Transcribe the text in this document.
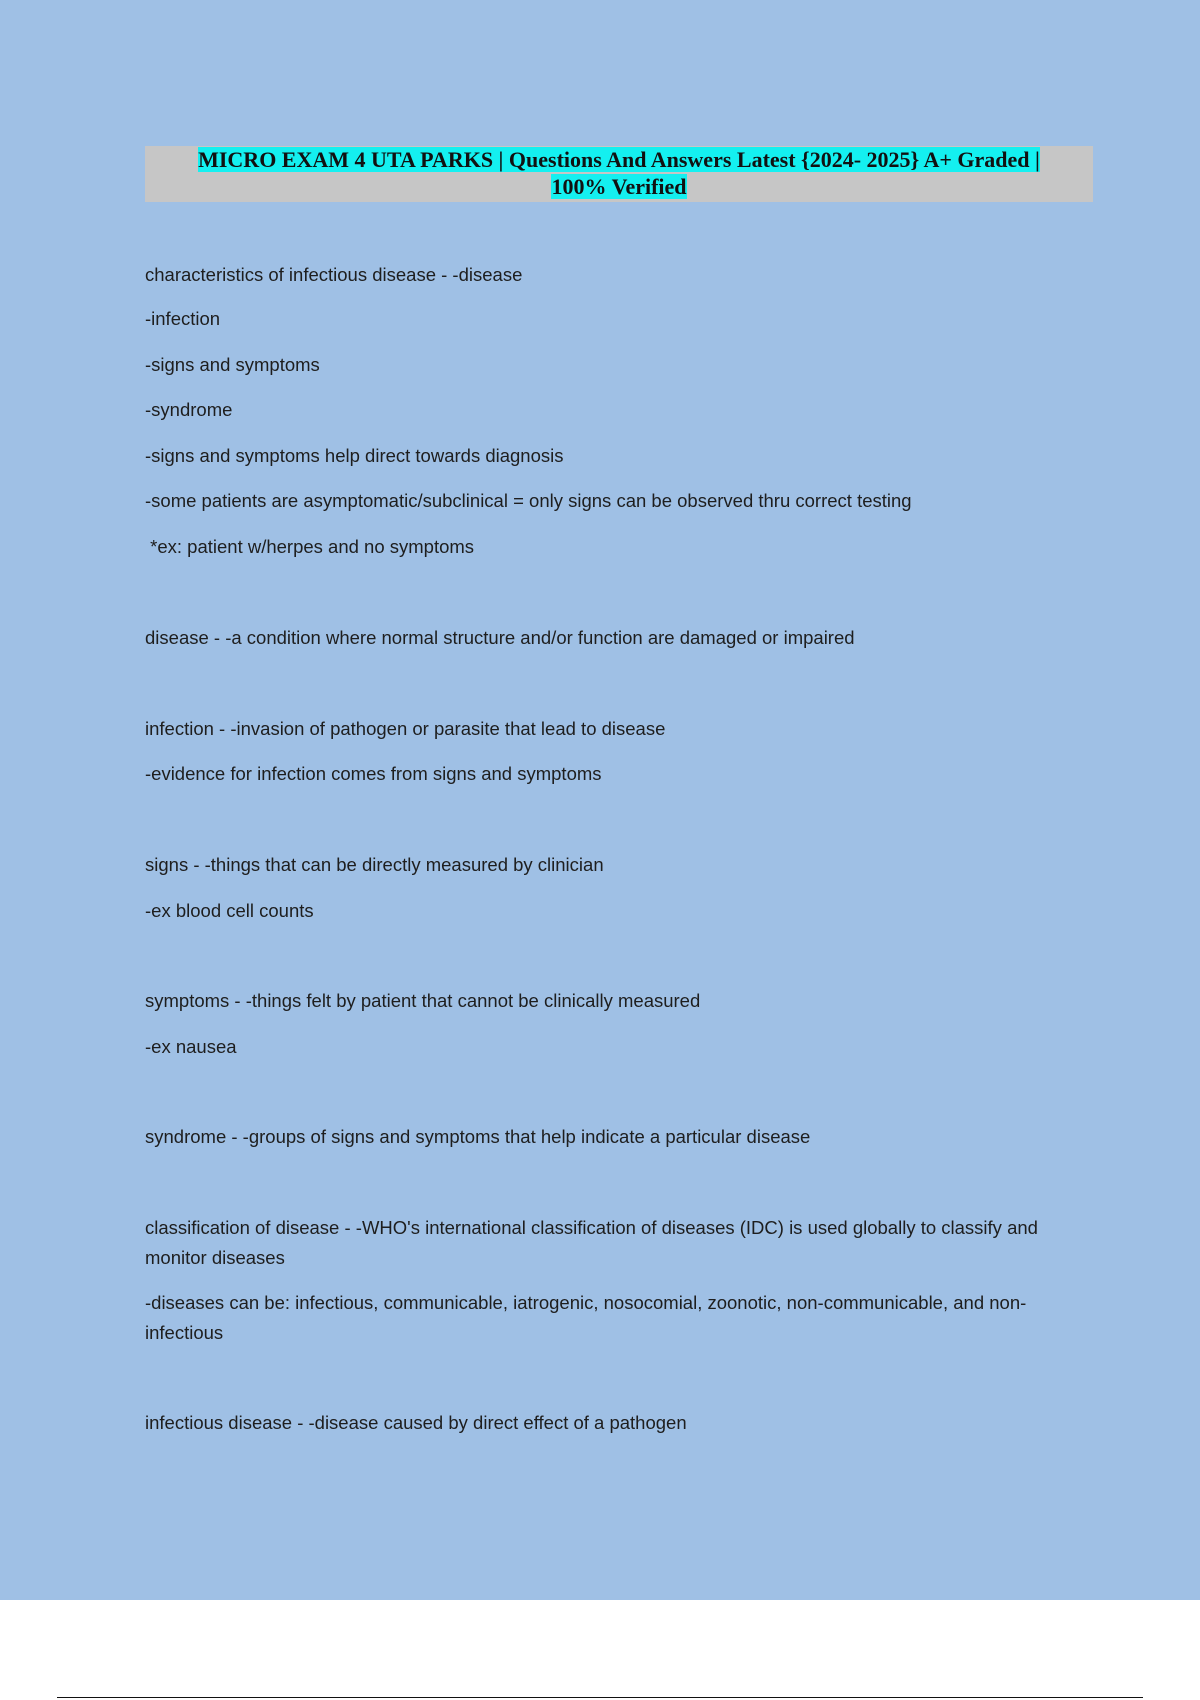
MICRO EXAM 4 UTA PARKS | Questions And Answers Latest {2024- 2025} A+ Graded |
100% Verified
characteristics of infectious disease - -disease
-infection
-signs and symptoms
-syndrome
-signs and symptoms help direct towards diagnosis
-some patients are asymptomatic/subclinical = only signs can be observed thru correct testing
*ex: patient w/herpes and no symptoms
disease - -a condition where normal structure and/or function are damaged or impaired
infection - -invasion of pathogen or parasite that lead to disease
-evidence for infection comes from signs and symptoms
signs - -things that can be directly measured by clinician
-ex blood cell counts
symptoms - -things felt by patient that cannot be clinically measured
-ex nausea
syndrome - -groups of signs and symptoms that help indicate a particular disease
classification of disease - -WHO's international classification of diseases (IDC) is used globally to classify and monitor diseases
-diseases can be: infectious, communicable, iatrogenic, nosocomial, zoonotic, non-communicable, and non-infectious
infectious disease - -disease caused by direct effect of a pathogen
